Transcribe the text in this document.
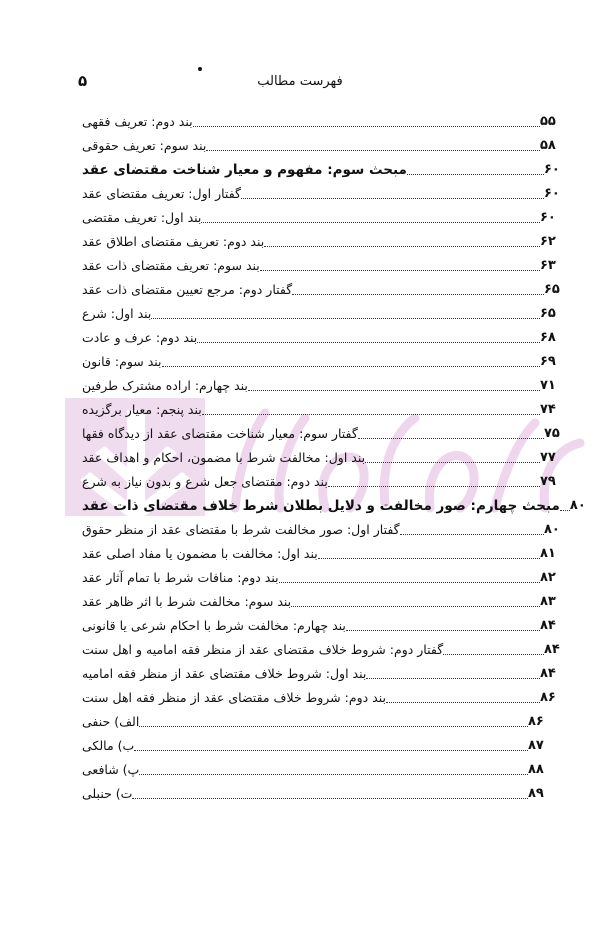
۵	فهرست مطالب
بند دوم: تعریف فقهی	۵۵
بند سوم: تعریف حقوقی	۵۸
مبحث سوم: مفهوم و معیار شناخت مقتضای عقد	۶۰
گفتار اول: تعریف مقتضای عقد	۶۰
بند اول: تعریف مقتضی	۶۰
بند دوم: تعریف مقتضای اطلاق عقد	۶۲
بند سوم: تعریف مقتضای ذات عقد	۶۳
گفتار دوم: مرجع تعیین مقتضای ذات عقد	۶۵
بند اول: شرع	۶۵
بند دوم: عرف و عادت	۶۸
بند سوم: قانون	۶۹
بند چهارم: اراده مشترک طرفین	۷۱
بند پنجم: معیار برگزیده	۷۴
گفتار سوم: معیار شناخت مقتضای عقد از دیدگاه فقها	۷۵
بند اول: مخالفت شرط با مضمون، احکام و اهداف عقد	۷۷
بند دوم: مقتضای جعل شرع و بدون نیاز به شرع	۷۹
مبحث چهارم: صور مخالفت و دلایل بطلان شرط خلاف مقتضای ذات عقد ۸۰
گفتار اول: صور مخالفت شرط با مقتضای عقد از منظر حقوق	۸۰
بند اول: مخالفت با مضمون یا مفاد اصلی عقد	۸۱
بند دوم: منافات شرط با تمام آثار عقد	۸۲
بند سوم: مخالفت شرط با اثر ظاهر عقد	۸۳
بند چهارم: مخالفت شرط با احکام شرعی یا قانونی	۸۴
گفتار دوم: شروط خلاف مقتضای عقد از منظر فقه امامیه و اهل سنت	۸۴
بند اول: شروط خلاف مقتضای عقد از منظر فقه امامیه	۸۴
بند دوم: شروط خلاف مقتضای عقد از منظر فقه اهل سنت	۸۶
الف) حنفی	۸۶
ب) مالکی	۸۷
پ) شافعی	۸۸
ت) حنبلی	۸۹
